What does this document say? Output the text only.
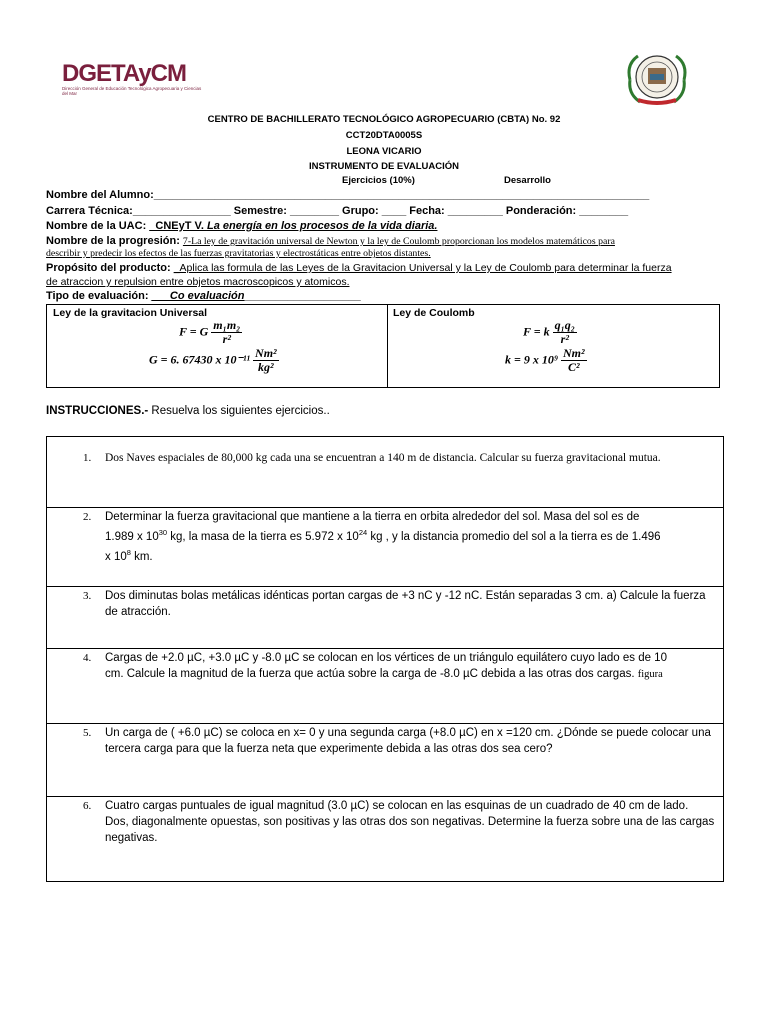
DGETAyCM
Dirección General de Educación Tecnológica Agropecuaria y Ciencias del Mar
CENTRO DE BACHILLERATO TECNOLÓGICO AGROPECUARIO (CBTA) No. 92
CCT20DTA0005S
LEONA VICARIO
INSTRUMENTO DE EVALUACIÓN
Ejercicios (10%)	Desarrollo
Nombre del Alumno:_________________________________________________________________________________
Carrera Técnica:________________ Semestre: ________ Grupo: ____ Fecha: _________ Ponderación: ________
Nombre de la UAC: _CNEyT V. La energía en los procesos de la vida diaria.
Nombre de la progresión: 7-La ley de gravitación universal de Newton y la ley de Coulomb proporcionan los modelos matemáticos para
describir y predecir los efectos de las fuerzas gravitatorias y electrostáticas entre objetos distantes.
Propósito del producto: _Aplica las formula de las Leyes de la Gravitacion Universal y la Ley de Coulomb para determinar la fuerza
de atraccion y repulsion entre objetos macroscopicos y atomicos.
Tipo de evaluación: ___Co evaluación___________________
Ley de la gravitacion Universal	Ley de Coulomb
F = G $\frac{\text{m₁m₂}}{\text{r²}}$
G = 6. 67430 x $10^{-11} \frac{\text{Nm²}}{\text{kg²}}$
F = k $\frac{\text{q₁q₂}}{\text{r²}}$
k = 9 x $10^9 \frac{\text{Nm²}}{\text{C²}}$
INSTRUCCIONES.- Resuelva los siguientes ejercicios..
1. Dos Naves espaciales de 80,000 kg cada una se encuentran a 140 m de distancia. Calcular su fuerza gravitacional mutua.
2. Determinar la fuerza gravitacional que mantiene a la tierra en orbita alrededor del sol. Masa del sol es de
1.989 x $10^{30}$ kg, la masa de la tierra es 5.972 x $10^{24}$ kg , y la distancia promedio del sol a la tierra es de 1.496
x $10^8$ km.
3. Dos diminutas bolas metálicas idénticas portan cargas de +3 nC y -12 nC. Están separadas 3 cm. a) Calcule la fuerza de atracción.
4. Cargas de +2.0 µC, +3.0 µC y -8.0 µC se colocan en los vértices de un triángulo equilátero cuyo lado es de 10
cm. Calcule la magnitud de la fuerza que actúa sobre la carga de -8.0 µC debida a las otras dos cargas. figura
5. Un carga de ( +6.0 µC) se coloca en x= 0 y una segunda carga (+8.0 µC) en x =120 cm. ¿Dónde se puede colocar una tercera carga para que la fuerza neta que experimente debida a las otras dos sea cero?
6. Cuatro cargas puntuales de igual magnitud (3.0 µC) se colocan en las esquinas de un cuadrado de 40 cm de lado. Dos, diagonalmente opuestas, son positivas y las otras dos son negativas. Determine la fuerza sobre una de las cargas negativas.
